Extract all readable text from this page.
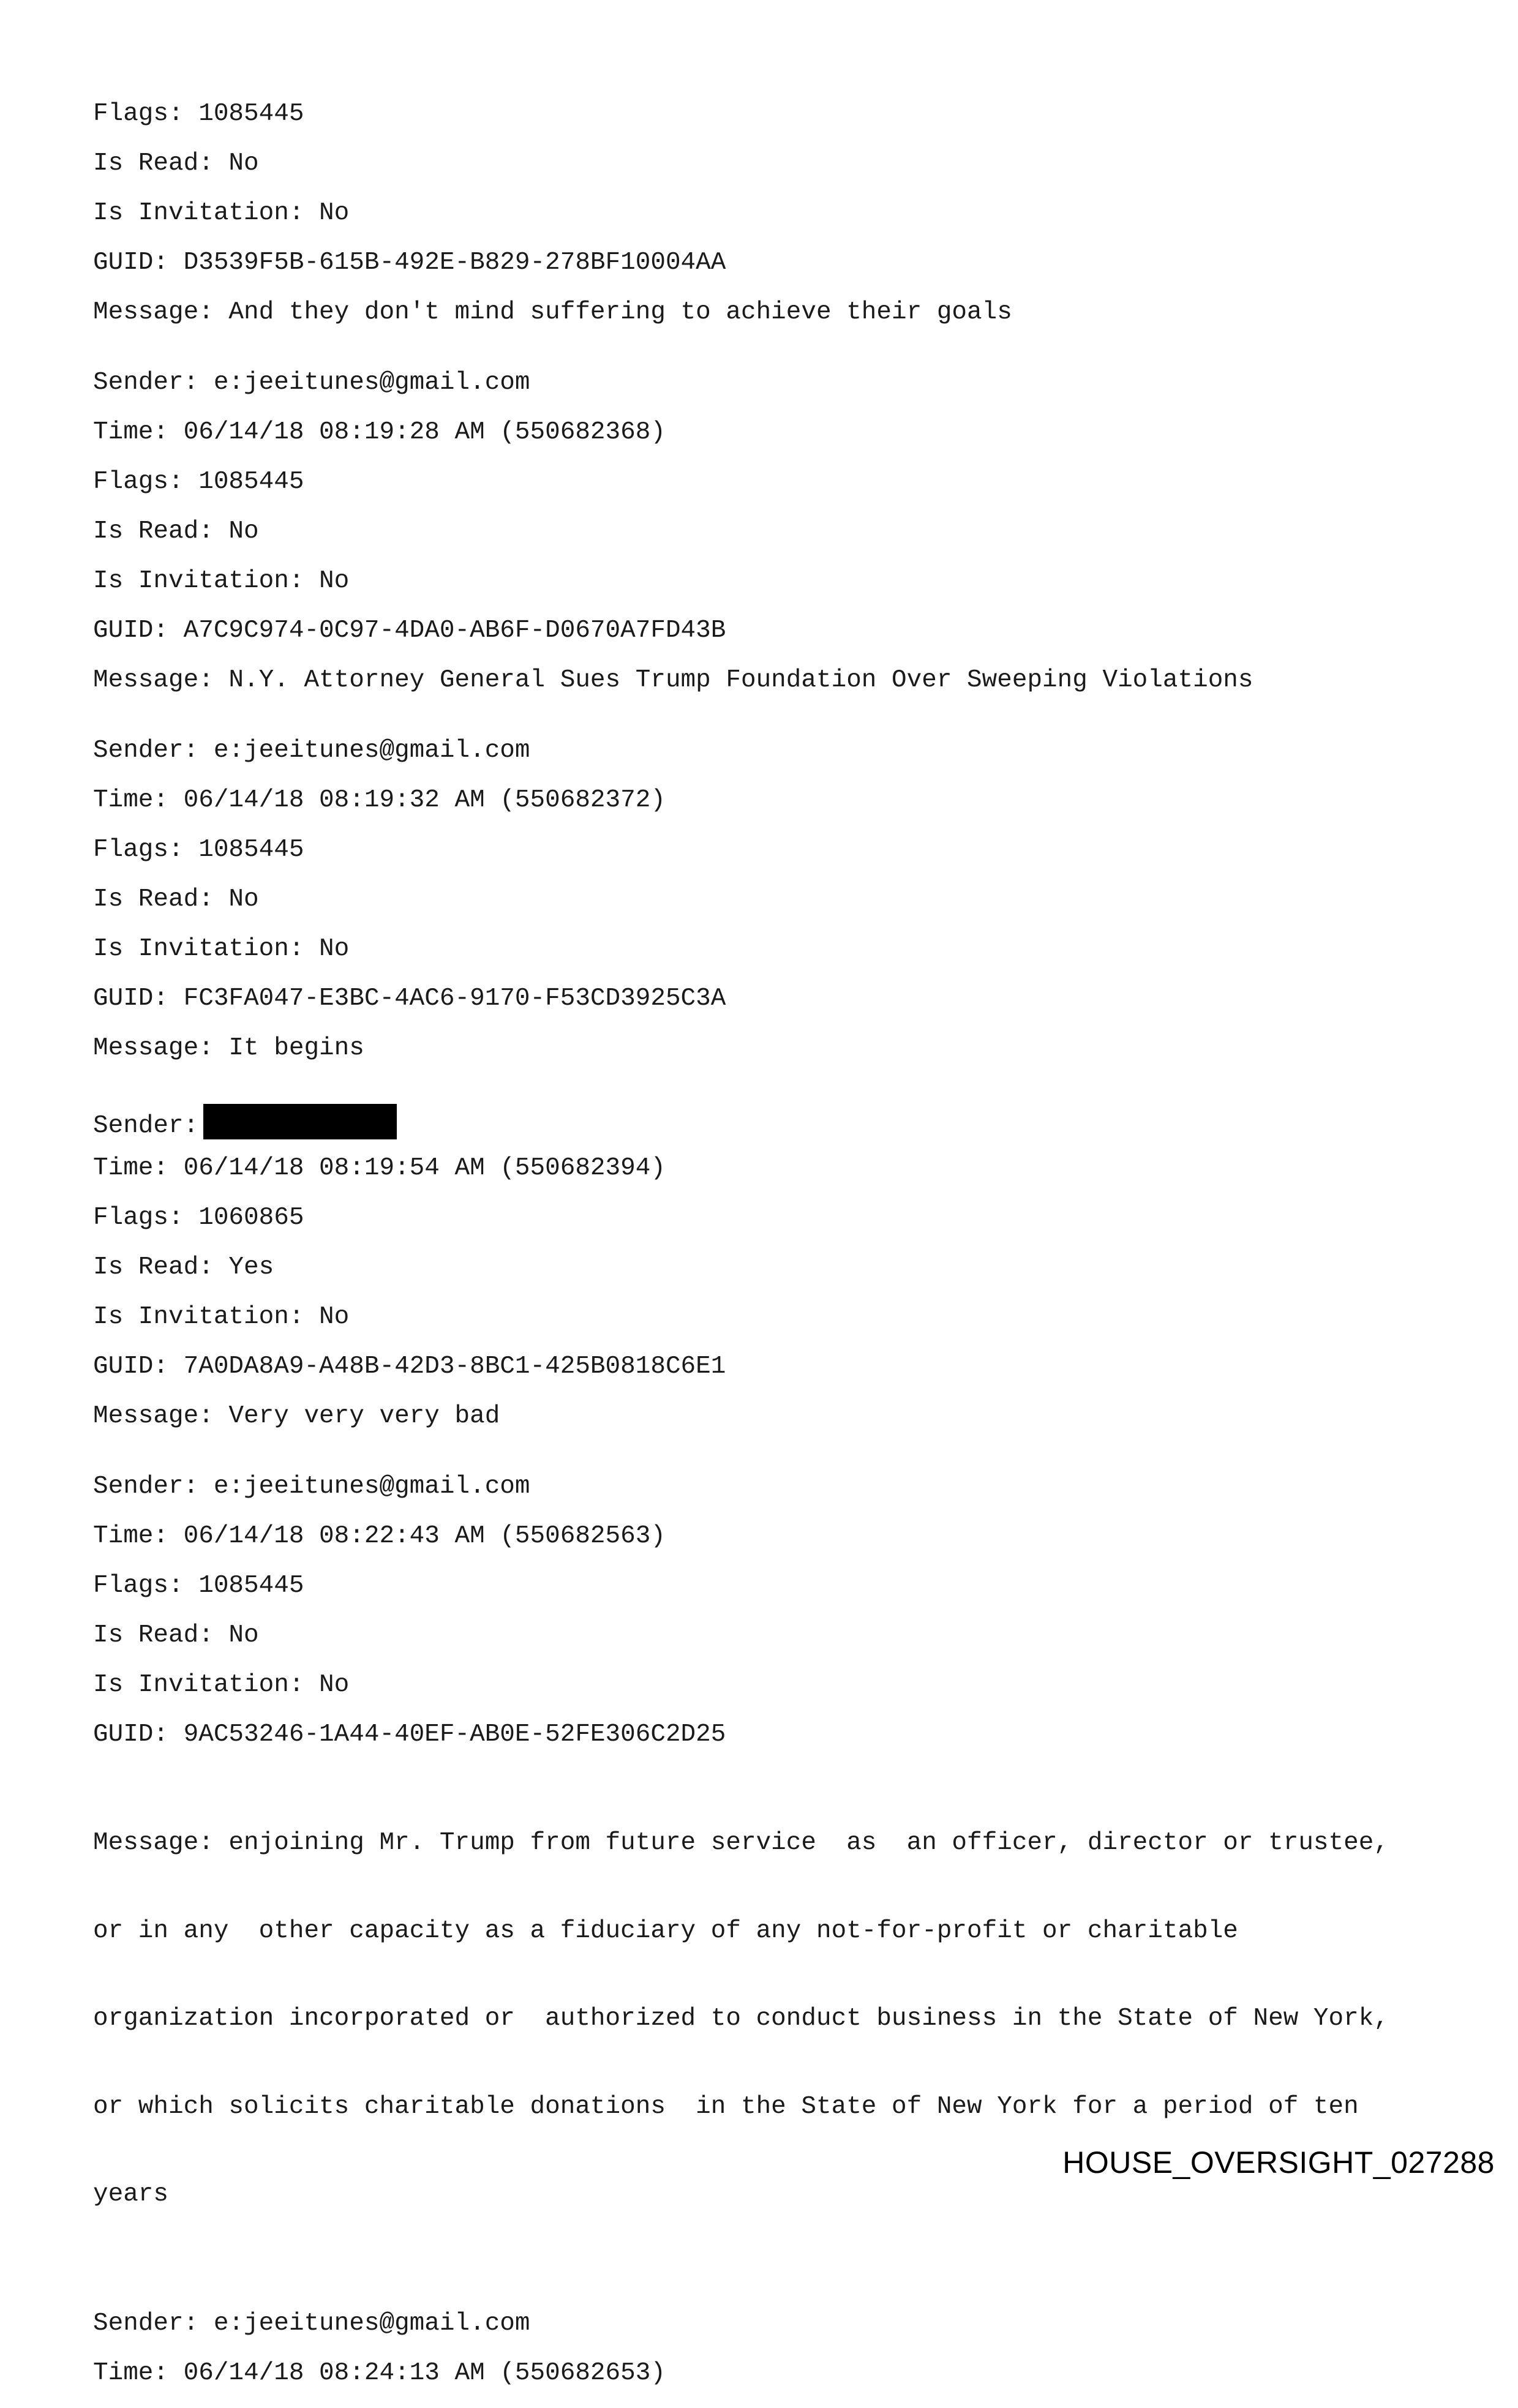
Flags: 1085445
Is Read: No
Is Invitation: No
GUID: D3539F5B-615B-492E-B829-278BF10004AA
Message: And they don't mind suffering to achieve their goals
Sender: e:jeeitunes@gmail.com
Time: 06/14/18 08:19:28 AM (550682368)
Flags: 1085445
Is Read: No
Is Invitation: No
GUID: A7C9C974-0C97-4DA0-AB6F-D0670A7FD43B
Message: N.Y. Attorney General Sues Trump Foundation Over Sweeping Violations
Sender: e:jeeitunes@gmail.com
Time: 06/14/18 08:19:32 AM (550682372)
Flags: 1085445
Is Read: No
Is Invitation: No
GUID: FC3FA047-E3BC-4AC6-9170-F53CD3925C3A
Message: It begins
Sender:
Time: 06/14/18 08:19:54 AM (550682394)
Flags: 1060865
Is Read: Yes
Is Invitation: No
GUID: 7A0DA8A9-A48B-42D3-8BC1-425B0818C6E1
Message: Very very very bad
Sender: e:jeeitunes@gmail.com
Time: 06/14/18 08:22:43 AM (550682563)
Flags: 1085445
Is Read: No
Is Invitation: No
GUID: 9AC53246-1A44-40EF-AB0E-52FE306C2D25

Message: enjoining Mr. Trump from future service  as  an officer, director or trustee,

or in any  other capacity as a fiduciary of any not-for-profit or charitable

organization incorporated or  authorized to conduct business in the State of New York,

or which solicits charitable donations  in the State of New York for a period of ten

years

Sender: e:jeeitunes@gmail.com
Time: 06/14/18 08:24:13 AM (550682653)
HOUSE_OVERSIGHT_027288
